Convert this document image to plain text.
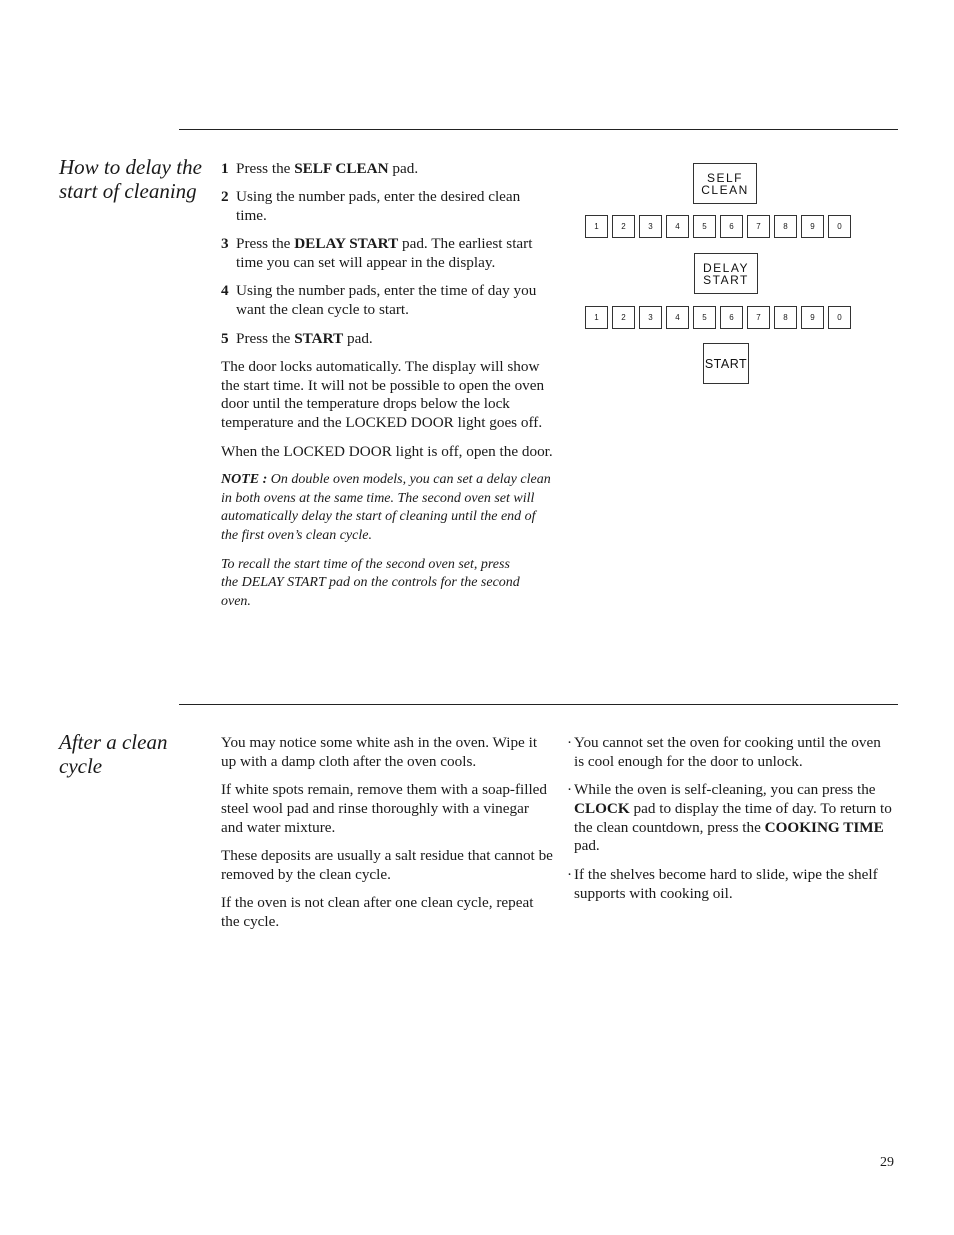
How to delay the start of cleaning
1 Press the SELF CLEAN pad.
2 Using the number pads, enter the desired clean time.
3 Press the DELAY START pad. The earliest start time you can set will appear in the display.
4 Using the number pads, enter the time of day you want the clean cycle to start.
5 Press the START pad.

The door locks automatically. The display will show the start time. It will not be possible to open the oven door until the temperature drops below the lock temperature and the LOCKED DOOR light goes off.

When the LOCKED DOOR light is off, open the door.

NOTE : On double oven models, you can set a delay clean in both ovens at the same time. The second oven set will automatically delay the start of cleaning until the end of the first oven’s clean cycle.

To recall the start time of the second oven set, press the DELAY START pad on the controls for the second oven.

SELF
CLEAN
1	2	3	4	5	6	7	8	9	0
DELAY
START
1	2	3	4	5	6	7	8	9	0
START
After a clean cycle

You may notice some white ash in the oven. Wipe it up with a damp cloth after the oven cools.

If white spots remain, remove them with a soap-filled steel wool pad and rinse thoroughly with a vinegar and water mixture.

These deposits are usually a salt residue that cannot be removed by the clean cycle.

If the oven is not clean after one clean cycle, repeat the cycle.

· You cannot set the oven for cooking until the oven is cool enough for the door to unlock.
· While the oven is self-cleaning, you can press the CLOCK pad to display the time of day. To return to the clean countdown, press the COOKING TIME pad.
· If the shelves become hard to slide, wipe the shelf supports with cooking oil.
29
